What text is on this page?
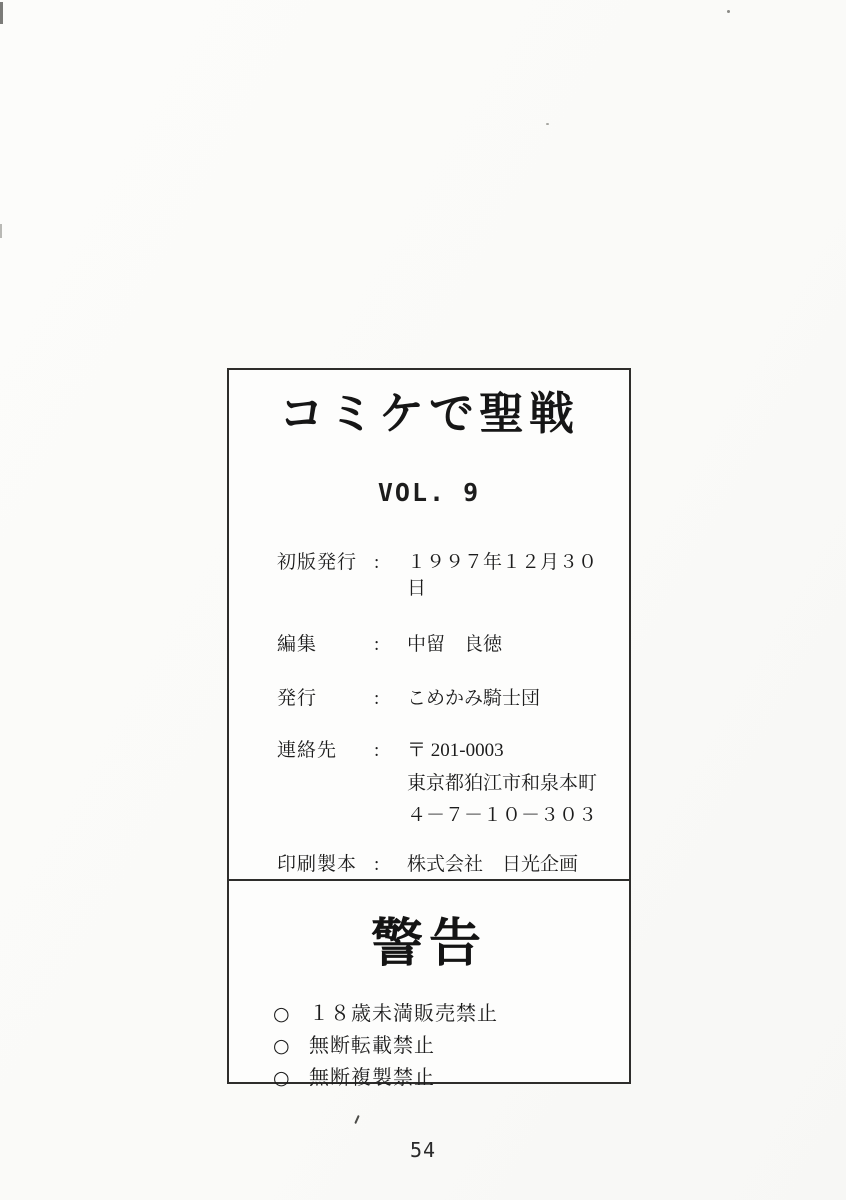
コミケで聖戦
VOL. 9
初版発行 :	１９９７年１２月３０日
編集	:	中留　良徳
発行	:	こめかみ騎士団
連絡先	:	〒 201-0003
東京都狛江市和泉本町
４－７－１０－３０３
印刷製本 :	株式会社　日光企画
警告
○ １８歳未満販売禁止
○ 無断転載禁止
○ 無断複製禁止
54
